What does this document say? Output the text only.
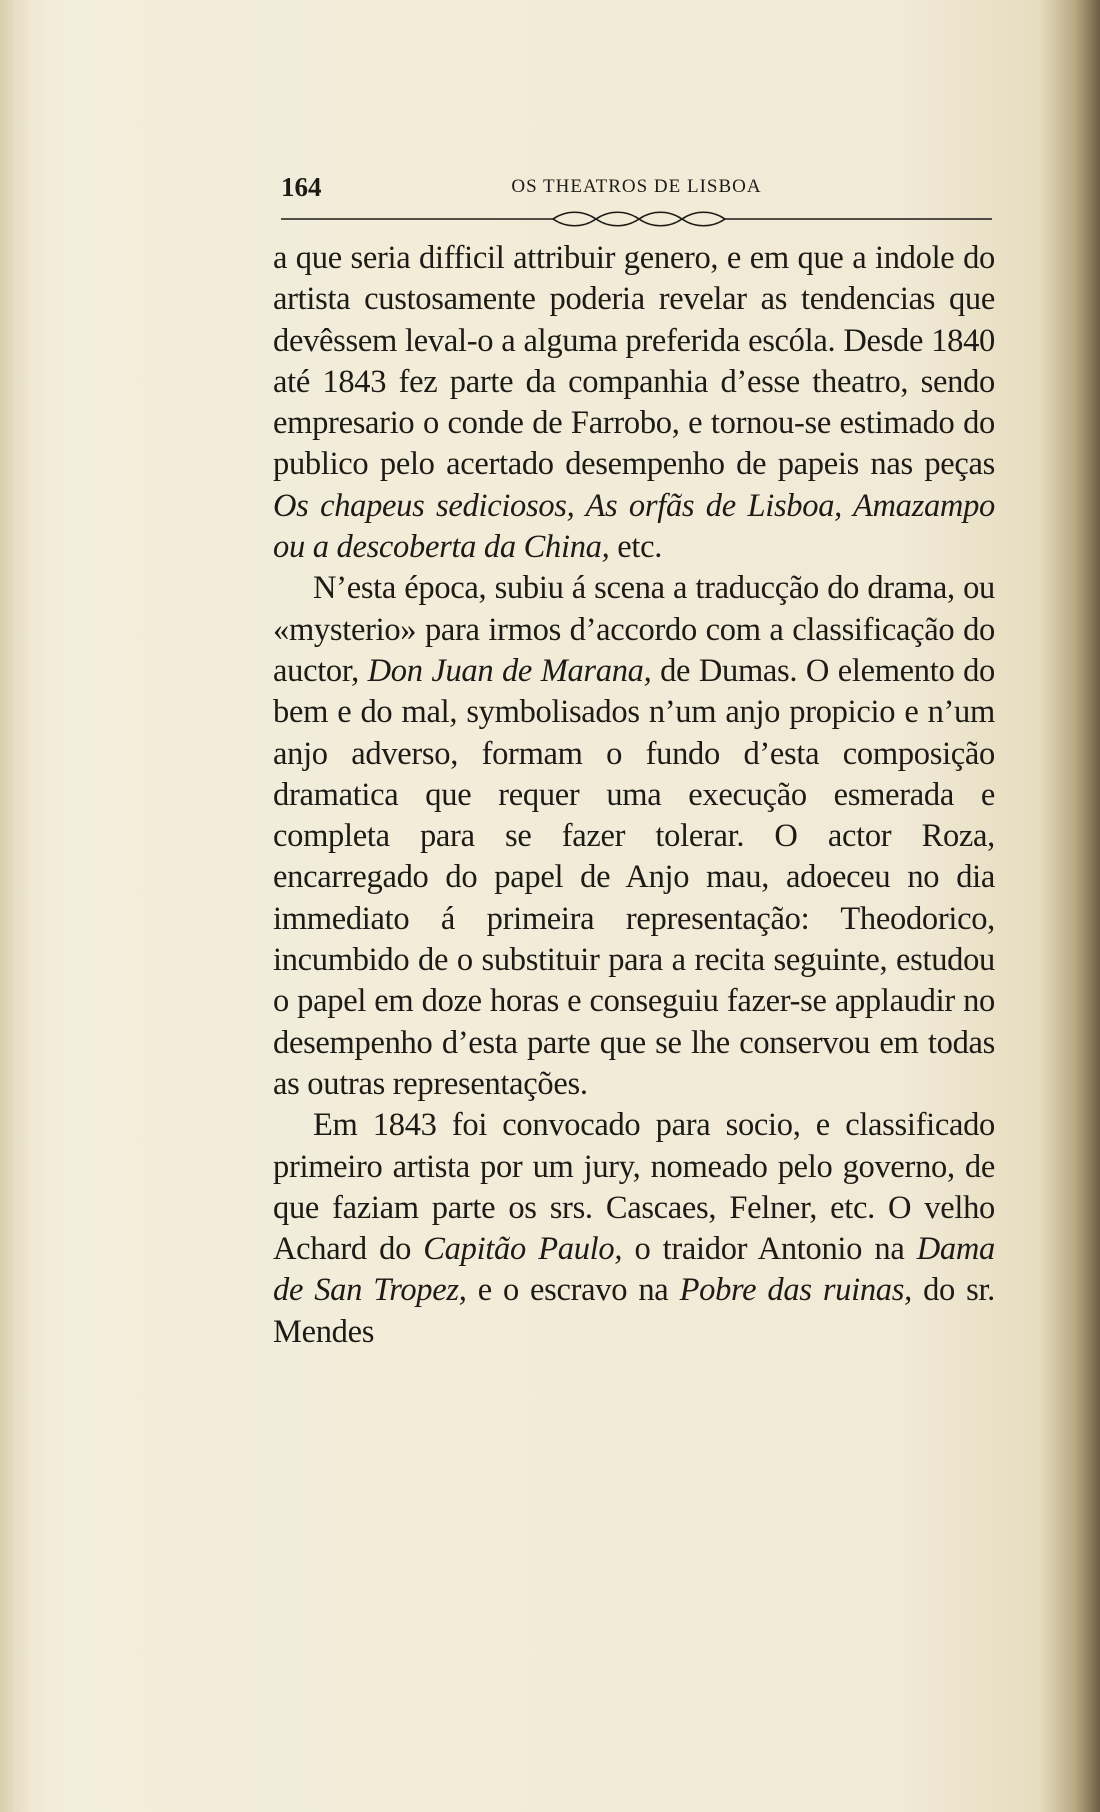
164	OS THEATROS DE LISBOA

a que seria difficil attribuir genero, e em que a indole do artista custosamente poderia revelar as tendencias que devêssem leval-o a alguma preferida escóla. Desde 1840 até 1843 fez parte da companhia d’esse theatro, sendo empresario o conde de Farrobo, e tornou-se estimado do publico pelo acertado desempenho de papeis nas peças Os chapeus sediciosos, As orfãs de Lisboa, Amazampo ou a descoberta da China, etc.

N’esta época, subiu á scena a traducção do drama, ou «mysterio» para irmos d’accordo com a classificação do auctor, Don Juan de Marana, de Dumas. O elemento do bem e do mal, symbolisados n’um anjo propicio e n’um anjo adverso, formam o fundo d’esta composição dramatica que requer uma execução esmerada e completa para se fazer tolerar. O actor Roza, encarregado do papel de Anjo mau, adoeceu no dia immediato á primeira representação: Theodorico, incumbido de o substituir para a recita seguinte, estudou o papel em doze horas e conseguiu fazer-se applaudir no desempenho d’esta parte que se lhe conservou em todas as outras representações.

Em 1843 foi convocado para socio, e classificado primeiro artista por um jury, nomeado pelo governo, de que faziam parte os srs. Cascaes, Felner, etc. O velho Achard do Capitão Paulo, o traidor Antonio na Dama de San Tropez, e o escravo na Pobre das ruinas, do sr. Mendes
